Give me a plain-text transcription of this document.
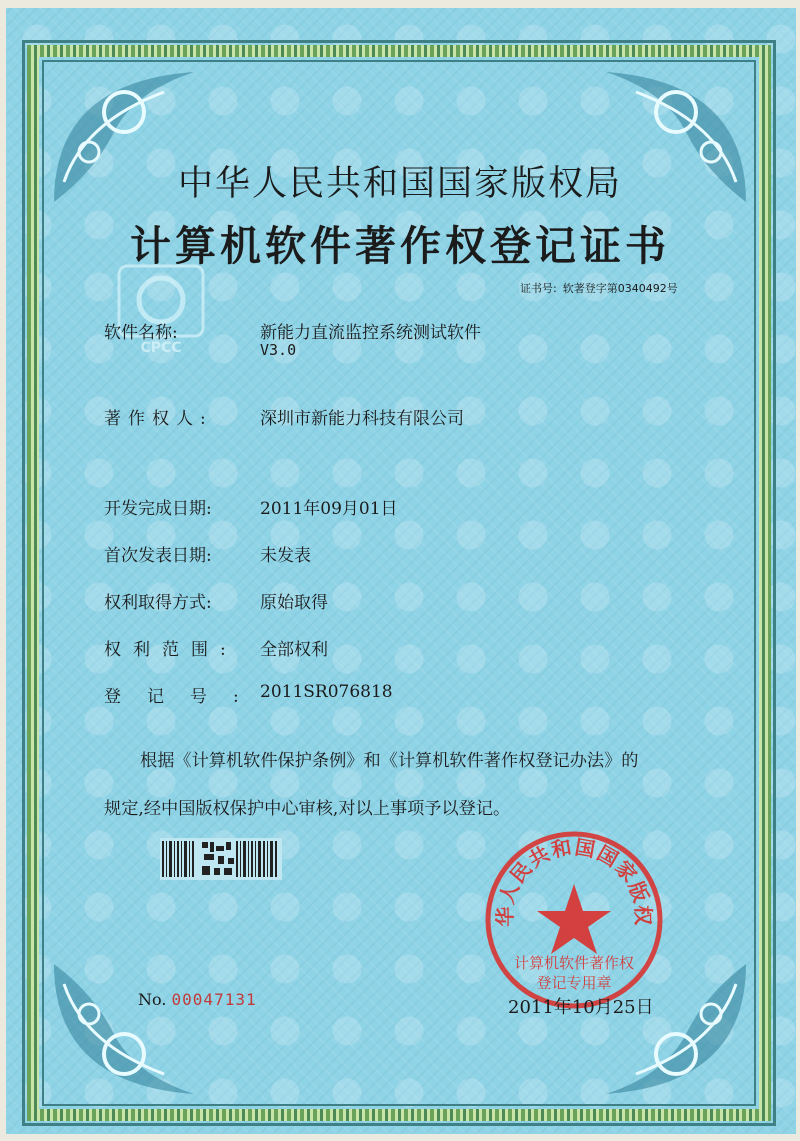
CPCC
中华人民共和国国家版权局
计算机软件著作权登记证书
证书号: 软著登字第0340492号
软件名称:	新能力直流监控系统测试软件
V3.0
著作权人:	深圳市新能力科技有限公司
开发完成日期:	2011年09月01日
首次发表日期:	未发表
权利取得方式:	原始取得
权利范围:	全部权利
登记号:
2011SR076818
根据《计算机软件保护条例》和《计算机软件著作权登记办法》的
规定,经中国版权保护中心审核,对以上事项予以登记。
No. 00047131
华人民共和国国家版权
计算机软件著作权
登记专用章
2011年10月25日
